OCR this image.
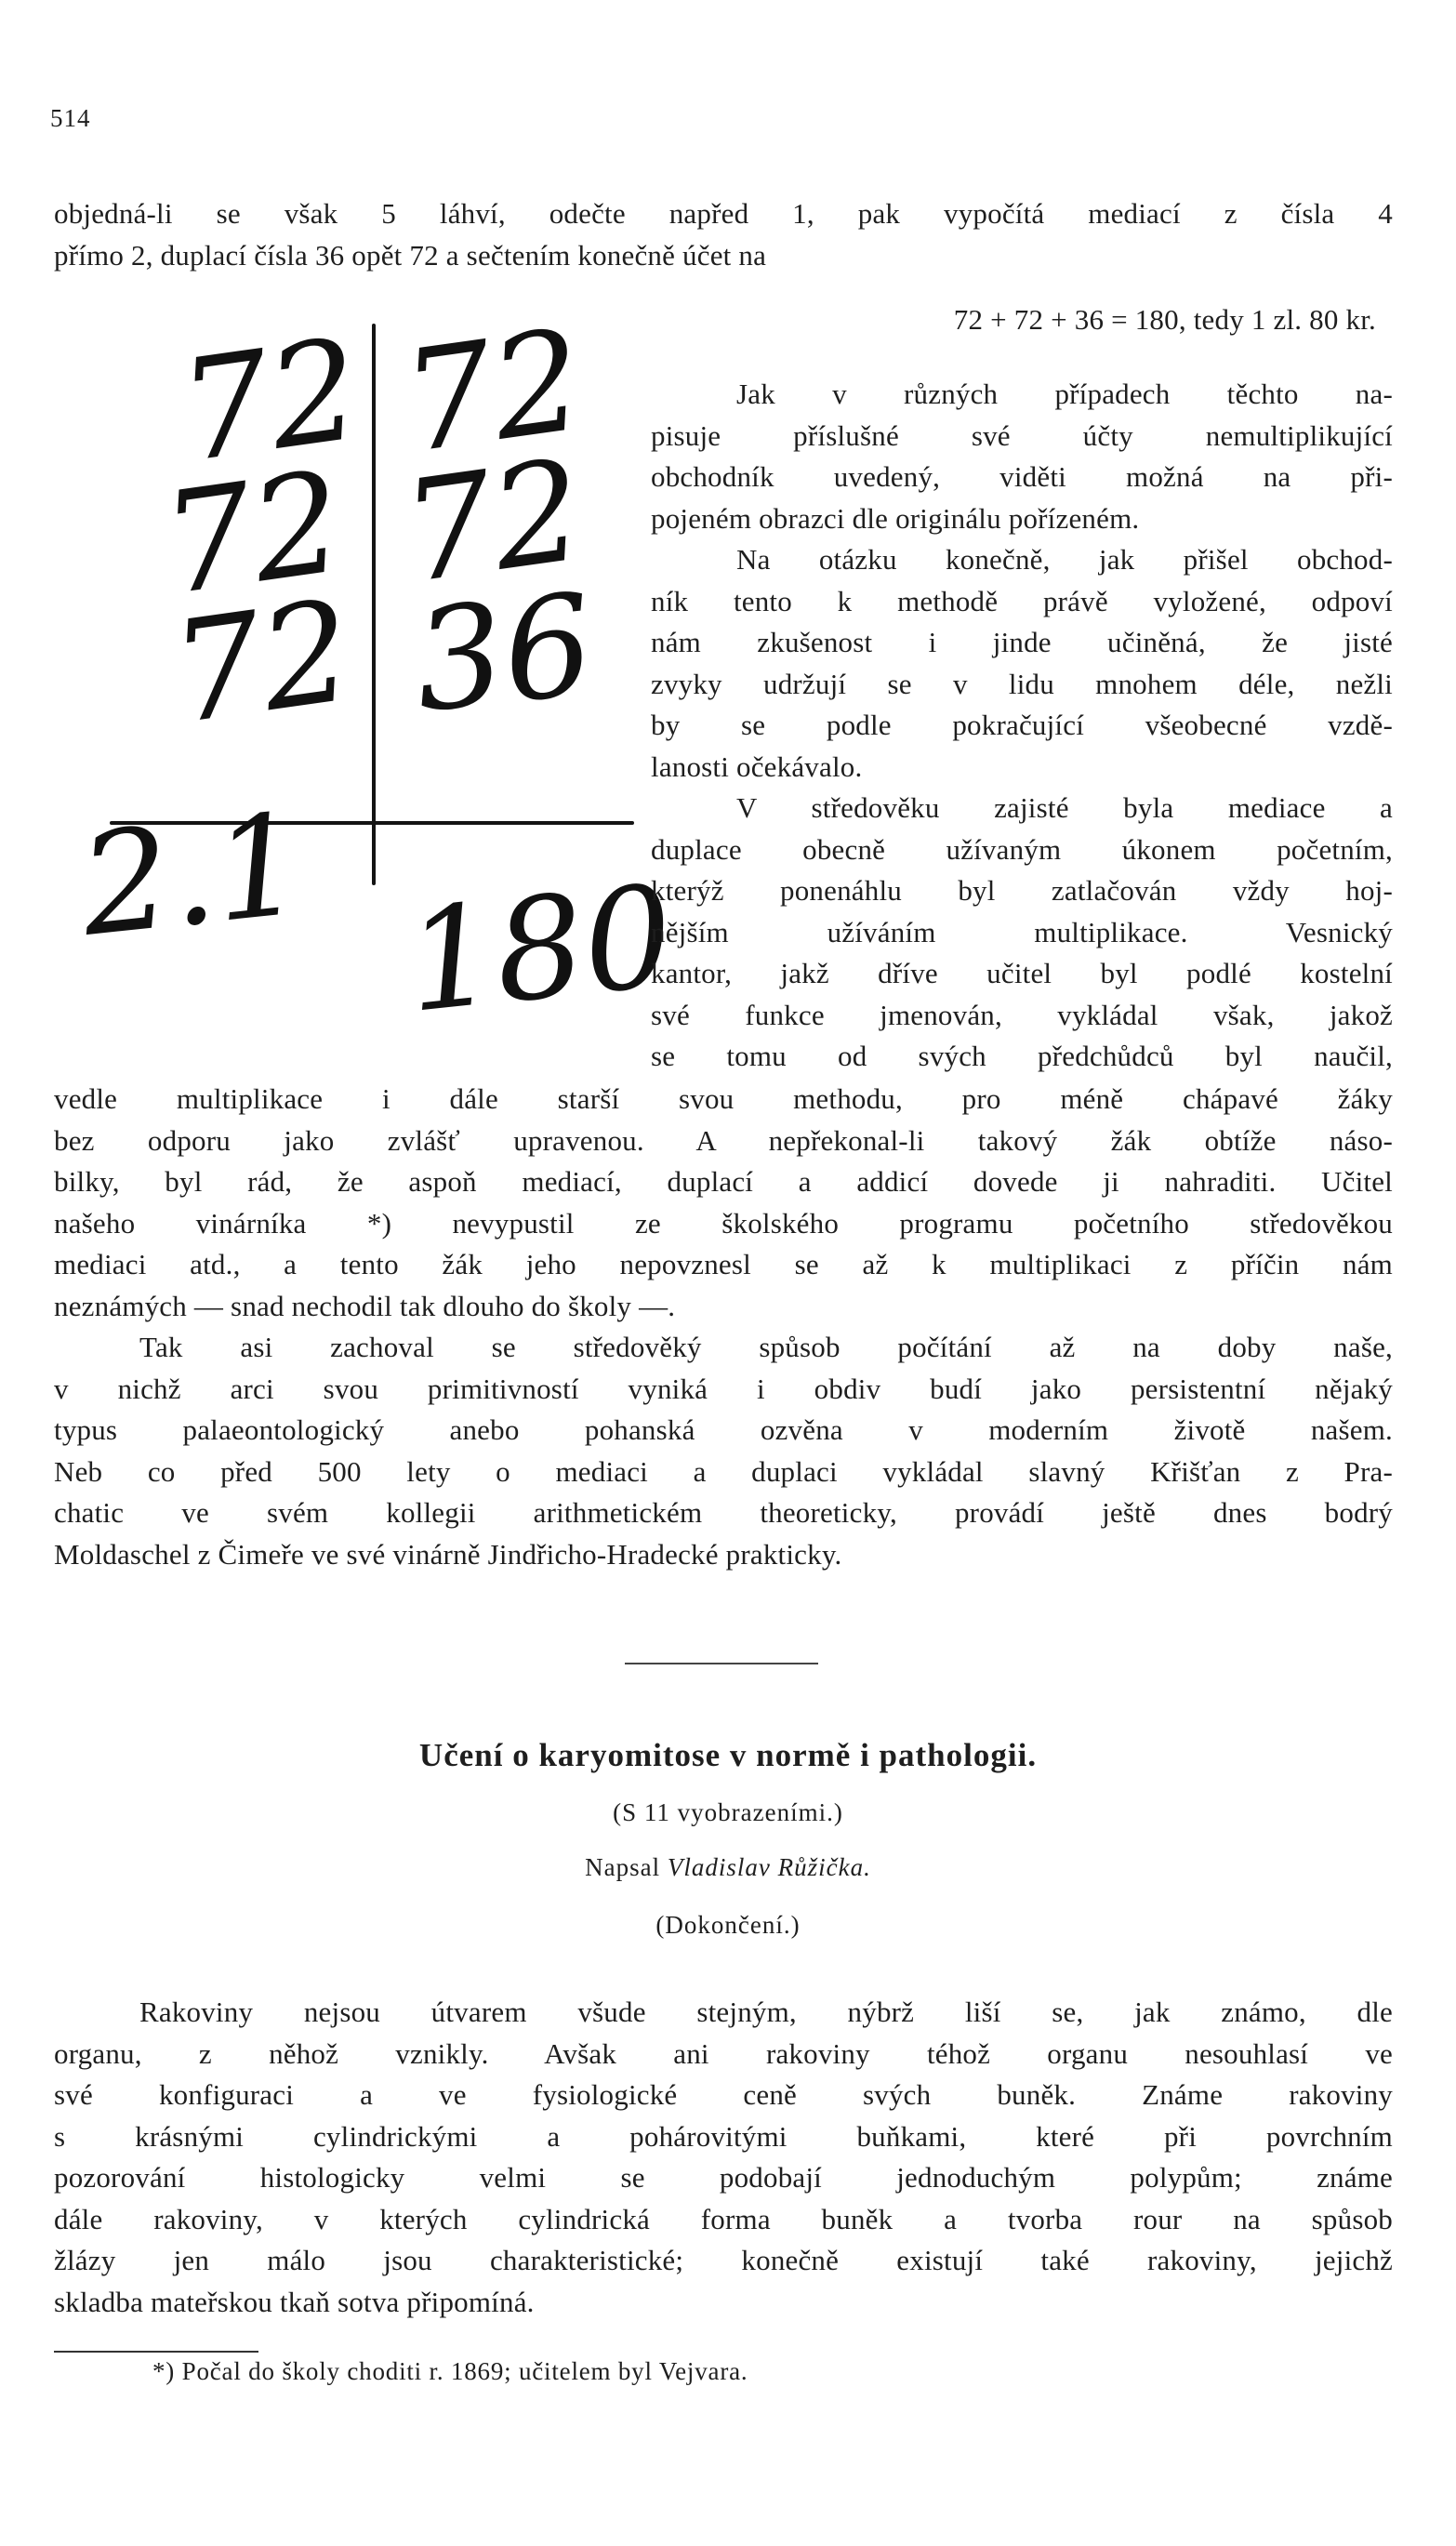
514
objedná-li se však 5 láhví, odečte napřed 1, pak vypočítá mediací z čísla 4
přímo 2, duplací čísla 36 opět 72 a sečtením konečně účet na
72 + 72 + 36 = 180, tedy 1 zl. 80 kr.
72
72
72
72
72
36
2.1 180
Jak v různých případech těchto na-
pisuje příslušné své účty nemultiplikující
obchodník uvedený, viděti možná na při-
pojeném obrazci dle originálu pořízeném.
Na otázku konečně, jak přišel obchod-
ník tento k methodě právě vyložené, odpoví
nám zkušenost i jinde učiněná, že jisté
zvyky udržují se v lidu mnohem déle, nežli
by se podle pokračující všeobecné vzdě-
lanosti očekávalo.
V středověku zajisté byla mediace a
duplace obecně užívaným úkonem početním,
kterýž ponenáhlu byl zatlačován vždy hoj-
nějším užíváním multiplikace. Vesnický
kantor, jakž dříve učitel byl podlé kostelní
své funkce jmenován, vykládal však, jakož
se tomu od svých předchůdců byl naučil,
vedle multiplikace i dále starší svou methodu, pro méně chápavé žáky
bez odporu jako zvlášť upravenou. A nepřekonal-li takový žák obtíže náso-
bilky, byl rád, že aspoň mediací, duplací a addicí dovede ji nahraditi. Učitel
našeho vinárníka *) nevypustil ze školského programu početního středověkou
mediaci atd., a tento žák jeho nepovznesl se až k multiplikaci z příčin nám
neznámých — snad nechodil tak dlouho do školy —.
Tak asi zachoval se středověký spůsob počítání až na doby naše,
v nichž arci svou primitivností vyniká i obdiv budí jako persistentní nějaký
typus palaeontologický anebo pohanská ozvěna v moderním životě našem.
Neb co před 500 lety o mediaci a duplaci vykládal slavný Křišťan z Pra-
chatic ve svém kollegii arithmetickém theoreticky, provádí ještě dnes bodrý
Moldaschel z Čimeře ve své vinárně Jindřicho-Hradecké prakticky.
Učení o karyomitose v normě i pathologii.
(S 11 vyobrazeními.)
Napsal Vladislav Růžička.
(Dokončení.)
Rakoviny nejsou útvarem všude stejným, nýbrž liší se, jak známo, dle
organu, z něhož vznikly. Avšak ani rakoviny téhož organu nesouhlasí ve
své konfiguraci a ve fysiologické ceně svých buněk. Známe rakoviny
s krásnými cylindrickými a pohárovitými buňkami, které při povrchním
pozorování histologicky velmi se podobají jednoduchým polypům; známe
dále rakoviny, v kterých cylindrická forma buněk a tvorba rour na spůsob
žlázy jen málo jsou charakteristické; konečně existují také rakoviny, jejichž
skladba mateřskou tkaň sotva připomíná.
*) Počal do školy choditi r. 1869; učitelem byl Vejvara.
